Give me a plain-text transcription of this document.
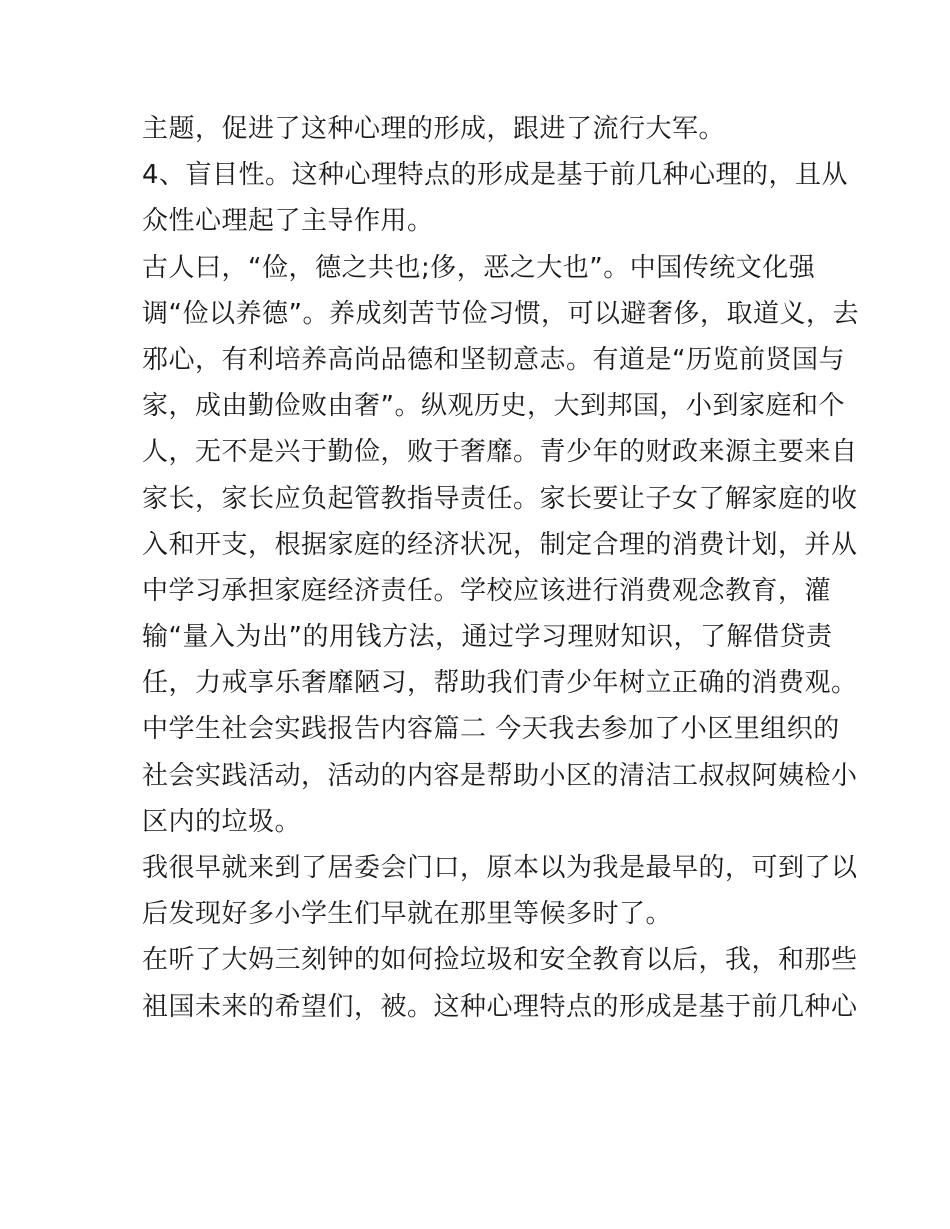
主题，促进了这种心理的形成，跟进了流行大军。
4、盲目性。这种心理特点的形成是基于前几种心理的，且从
众性心理起了主导作用。
古人曰，“俭，德之共也;侈，恶之大也”。中国传统文化强
调“俭以养德”。养成刻苦节俭习惯，可以避奢侈，取道义，去
邪心，有利培养高尚品德和坚韧意志。有道是“历览前贤国与
家，成由勤俭败由奢”。纵观历史，大到邦国，小到家庭和个
人，无不是兴于勤俭，败于奢靡。青少年的财政来源主要来自
家长，家长应负起管教指导责任。家长要让子女了解家庭的收
入和开支，根据家庭的经济状况，制定合理的消费计划，并从
中学习承担家庭经济责任。学校应该进行消费观念教育，灌
输“量入为出”的用钱方法，通过学习理财知识，了解借贷责
任，力戒享乐奢靡陋习，帮助我们青少年树立正确的消费观。
中学生社会实践报告内容篇二 今天我去参加了小区里组织的
社会实践活动，活动的内容是帮助小区的清洁工叔叔阿姨检小
区内的垃圾。
我很早就来到了居委会门口，原本以为我是最早的，可到了以
后发现好多小学生们早就在那里等候多时了。
在听了大妈三刻钟的如何捡垃圾和安全教育以后，我，和那些
祖国未来的希望们，被。这种心理特点的形成是基于前几种心
